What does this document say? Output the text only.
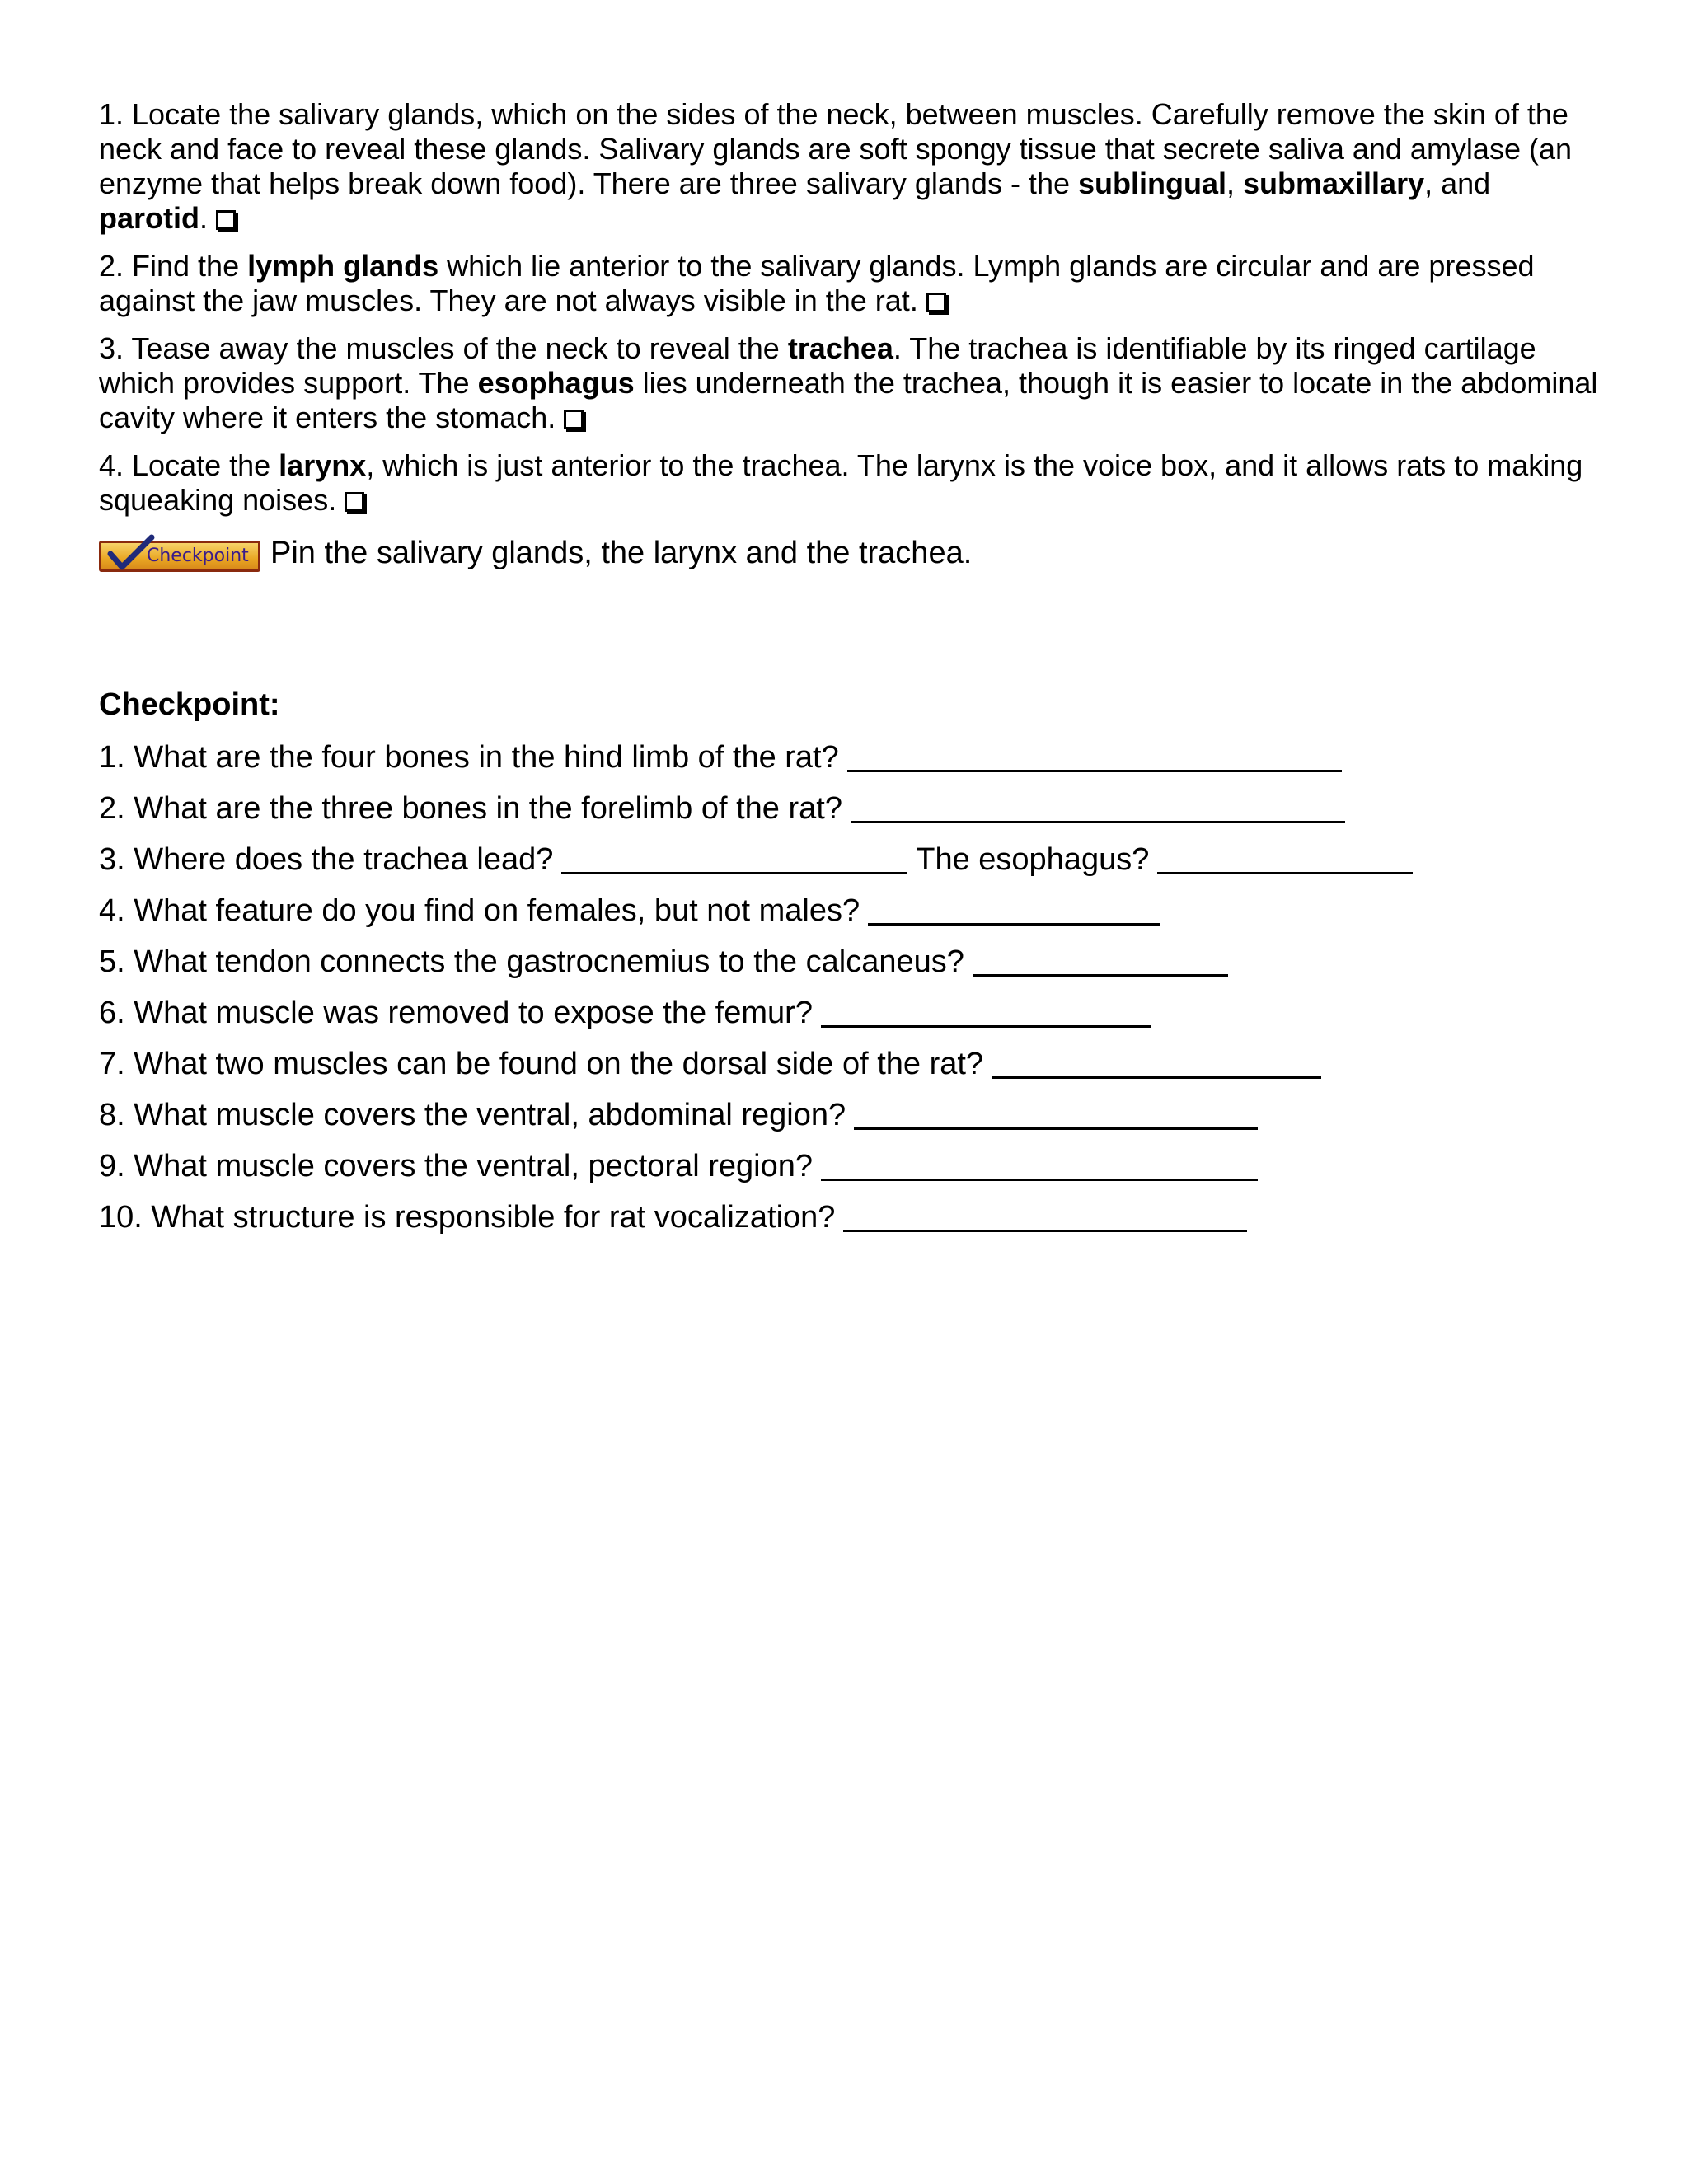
1. Locate the salivary glands, which on the sides of the neck, between muscles. Carefully remove the skin of the neck and face to reveal these glands. Salivary glands are soft spongy tissue that secrete saliva and amylase (an enzyme that helps break down food). There are three salivary glands - the sublingual, submaxillary, and parotid.

2. Find the lymph glands which lie anterior to the salivary glands. Lymph glands are circular and are pressed against the jaw muscles. They are not always visible in the rat.

3. Tease away the muscles of the neck to reveal the trachea. The trachea is identifiable by its ringed cartilage which provides support. The esophagus lies underneath the trachea, though it is easier to locate in the abdominal cavity where it enters the stomach.

4. Locate the larynx, which is just anterior to the trachea. The larynx is the voice box, and it allows rats to making squeaking noises.

Checkpoint Pin the salivary glands, the larynx and the trachea.
Checkpoint:
1. What are the four bones in the hind limb of the rat?
2. What are the three bones in the forelimb of the rat?
3. Where does the trachea lead?	The esophagus?
4. What feature do you find on females, but not males?
5. What tendon connects the gastrocnemius to the calcaneus?
6. What muscle was removed to expose the femur?
7. What two muscles can be found on the dorsal side of the rat?
8. What muscle covers the ventral, abdominal region?
9. What muscle covers the ventral, pectoral region?
10. What structure is responsible for rat vocalization?
